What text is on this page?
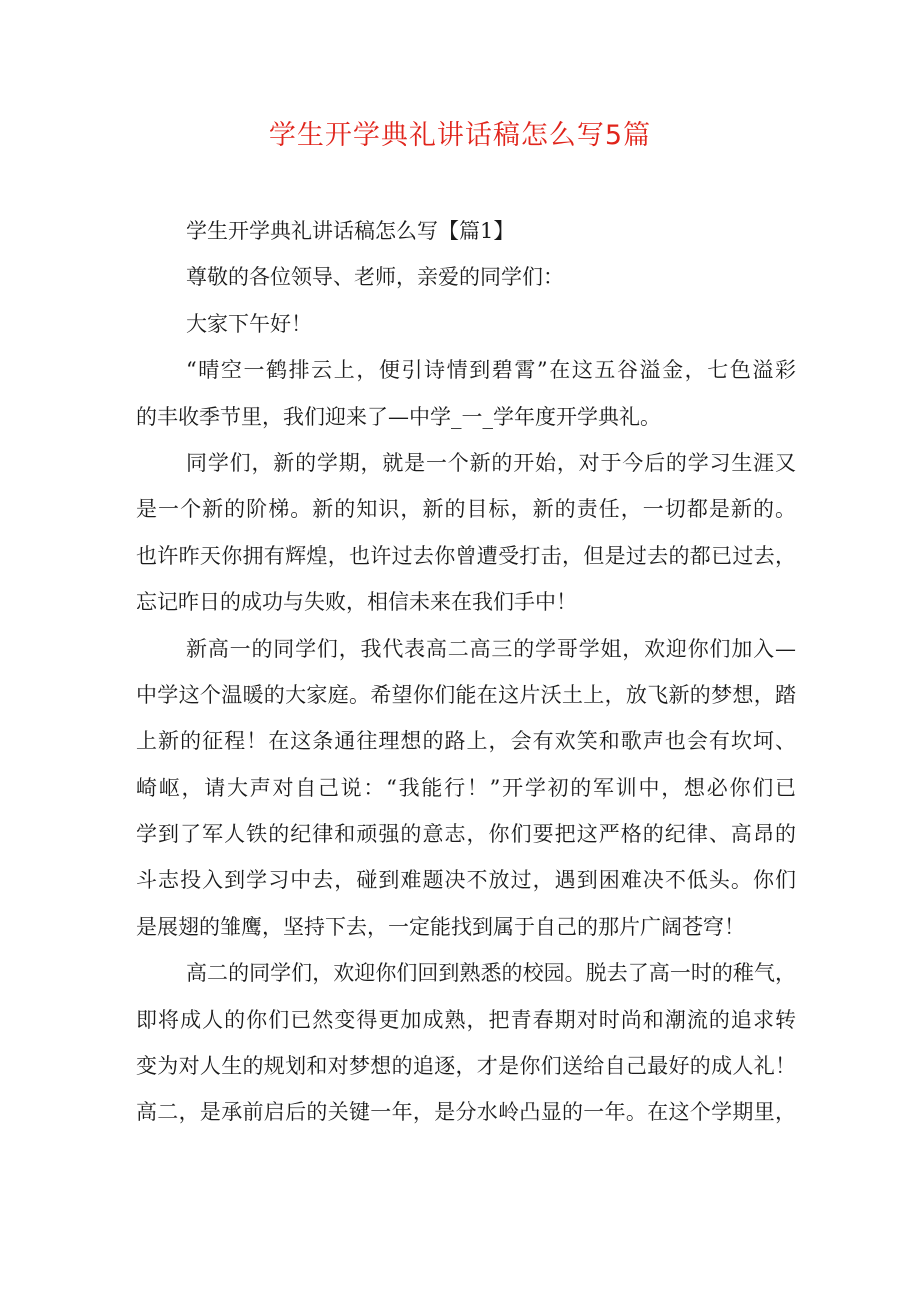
学生开学典礼讲话稿怎么写5篇
学生开学典礼讲话稿怎么写【篇1】
尊敬的各位领导、老师，亲爱的同学们：
大家下午好！
“晴空一鹤排云上，便引诗情到碧霄”在这五谷溢金，七色溢彩
的丰收季节里，我们迎来了—中学_一_学年度开学典礼。
同学们，新的学期，就是一个新的开始，对于今后的学习生涯又
是一个新的阶梯。新的知识，新的目标，新的责任，一切都是新的。
也许昨天你拥有辉煌，也许过去你曾遭受打击，但是过去的都已过去，
忘记昨日的成功与失败，相信未来在我们手中！
新高一的同学们，我代表高二高三的学哥学姐，欢迎你们加入—
中学这个温暖的大家庭。希望你们能在这片沃土上，放飞新的梦想，踏
上新的征程！在这条通往理想的路上，会有欢笑和歌声也会有坎坷、
崎岖，请大声对自己说：“我能行！”开学初的军训中，想必你们已
学到了军人铁的纪律和顽强的意志，你们要把这严格的纪律、高昂的
斗志投入到学习中去，碰到难题决不放过，遇到困难决不低头。你们
是展翅的雏鹰，坚持下去，一定能找到属于自己的那片广阔苍穹！
高二的同学们，欢迎你们回到熟悉的校园。脱去了高一时的稚气，
即将成人的你们已然变得更加成熟，把青春期对时尚和潮流的追求转
变为对人生的规划和对梦想的追逐，才是你们送给自己最好的成人礼！
高二，是承前启后的关键一年，是分水岭凸显的一年。在这个学期里，
